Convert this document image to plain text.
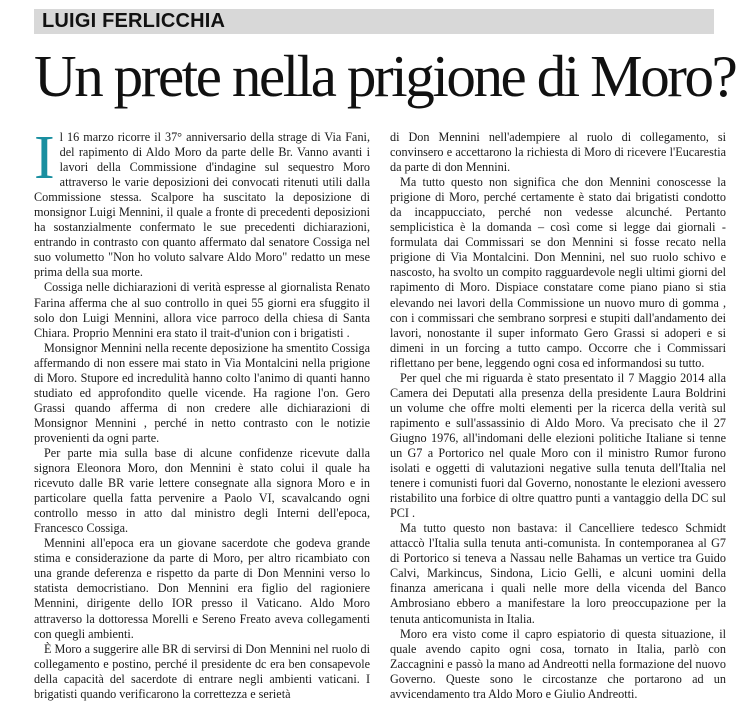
LUIGI FERLICCHIA
Un prete nella prigione di Moro?

Il 16 marzo ricorre il 37° anniversario della strage di Via Fani, del rapimento di Aldo Moro da parte delle Br. Vanno avanti i lavori della Commissione d'indagine sul sequestro Moro attraverso le varie deposizioni dei convocati ritenuti utili dalla Commissione stessa. Scalpore ha suscitato la deposizione di monsignor Luigi Mennini, il quale a fronte di precedenti deposizioni ha sostanzialmente confermato le sue precedenti dichiarazioni, entrando in contrasto con quanto affermato dal senatore Cossiga nel suo volumetto "Non ho voluto salvare Aldo Moro" redatto un mese prima della sua morte.

Cossiga nelle dichiarazioni di verità espresse al giornalista Renato Farina afferma che al suo controllo in quei 55 giorni era sfuggito il solo don Luigi Mennini, allora vice parroco della chiesa di Santa Chiara. Proprio Mennini era stato il trait-d'union con i brigatisti .

Monsignor Mennini nella recente deposizione ha smentito Cossiga affermando di non essere mai stato in Via Montalcini nella prigione di Moro. Stupore ed incredulità hanno colto l'animo di quanti hanno studiato ed approfondito quelle vicende. Ha ragione l'on. Gero Grassi quando afferma di non credere alle dichiarazioni di Monsignor Mennini , perché in netto contrasto con le notizie provenienti da ogni parte.

Per parte mia sulla base di alcune confidenze ricevute dalla signora Eleonora Moro, don Mennini è stato colui il quale ha ricevuto dalle BR varie lettere consegnate alla signora Moro e in particolare quella fatta pervenire a Paolo VI, scavalcando ogni controllo messo in atto dal ministro degli Interni dell'epoca, Francesco Cossiga.

Mennini all'epoca era un giovane sacerdote che godeva grande stima e considerazione da parte di Moro, per altro ricambiato con una grande deferenza e rispetto da parte di Don Mennini verso lo statista democristiano. Don Mennini era figlio del ragioniere Mennini, dirigente dello IOR presso il Vaticano. Aldo Moro attraverso la dottoressa Morelli e Sereno Freato aveva collegamenti con quegli ambienti.

È Moro a suggerire alle BR di servirsi di Don Mennini nel ruolo di collegamento e postino, perché il presidente dc era ben consapevole della capacità del sacerdote di entrare negli ambienti vaticani. I brigatisti quando verificarono la correttezza e serietà

di Don Mennini nell'adempiere al ruolo di collegamento, si convinsero e accettarono la richiesta di Moro di ricevere l'Eucarestia da parte di don Mennini.

Ma tutto questo non significa che don Mennini conoscesse la prigione di Moro, perché certamente è stato dai brigatisti condotto da incappucciato, perché non vedesse alcunché. Pertanto semplicistica è la domanda – così come si legge dai giornali - formulata dai Commissari se don Mennini si fosse recato nella prigione di Via Montalcini. Don Mennini, nel suo ruolo schivo e nascosto, ha svolto un compito ragguardevole negli ultimi giorni del rapimento di Moro. Dispiace constatare come piano piano si stia elevando nei lavori della Commissione un nuovo muro di gomma , con i commissari che sembrano sorpresi e stupiti dall'andamento dei lavori, nonostante il super informato Gero Grassi si adoperi e si dimeni in un forcing a tutto campo. Occorre che i Commissari riflettano per bene, leggendo ogni cosa ed informandosi su tutto.

Per quel che mi riguarda è stato presentato il 7 Maggio 2014 alla Camera dei Deputati alla presenza della presidente Laura Boldrini un volume che offre molti elementi per la ricerca della verità sul rapimento e sull'assassinio di Aldo Moro. Va precisato che il 27 Giugno 1976, all'indomani delle elezioni politiche Italiane si tenne un G7 a Portorico nel quale Moro con il ministro Rumor furono isolati e oggetti di valutazioni negative sulla tenuta dell'Italia nel tenere i comunisti fuori dal Governo, nonostante le elezioni avessero ristabilito una forbice di oltre quattro punti a vantaggio della DC sul PCI .

Ma tutto questo non bastava: il Cancelliere tedesco Schmidt attaccò l'Italia sulla tenuta anti-comunista. In contemporanea al G7 di Portorico si teneva a Nassau nelle Bahamas un vertice tra Guido Calvi, Markincus, Sindona, Licio Gelli, e alcuni uomini della finanza americana i quali nelle more della vicenda del Banco Ambrosiano ebbero a manifestare la loro preoccupazione per la tenuta anticomunista in Italia.

Moro era visto come il capro espiatorio di questa situazione, il quale avendo capito ogni cosa, tornato in Italia, parlò con Zaccagnini e passò la mano ad Andreotti nella formazione del nuovo Governo. Queste sono le circostanze che portarono ad un avvicendamento tra Aldo Moro e Giulio Andreotti.
